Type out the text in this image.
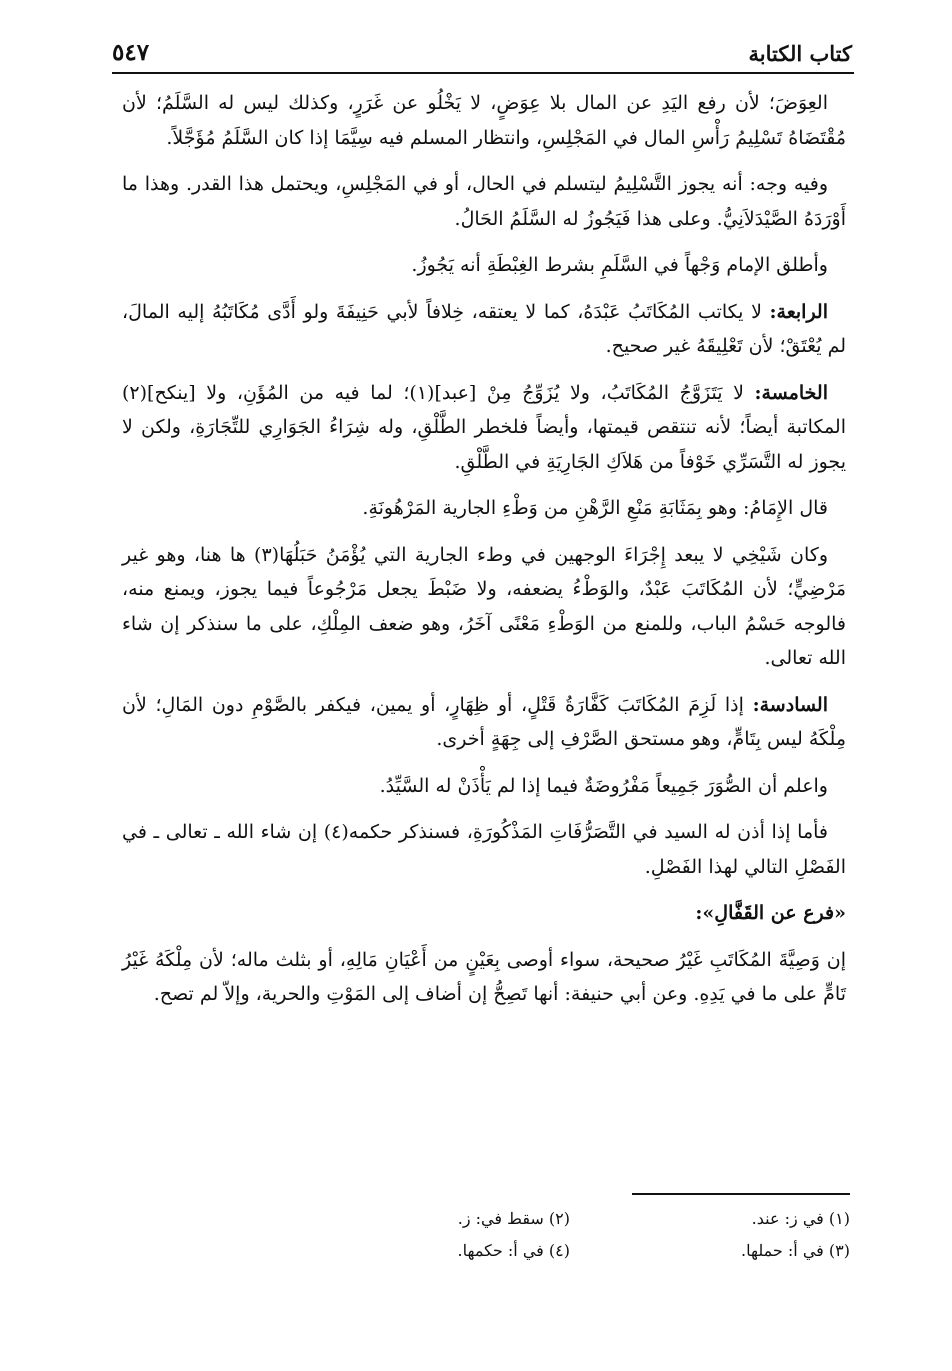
كتاب الكتابة
٥٤٧

العِوَضَ؛ لأن رفع اليَدِ عن المال بلا عِوَضٍ، لا يَخْلُو عن غَرَرٍ، وكذلك ليس له السَّلَمُ؛ لأن مُقْتَضَاهُ تَسْلِيمُ رَأْسِ المال في المَجْلِسِ، وانتظار المسلم فيه سِيَّمَا إذا كان السَّلَمُ مُؤَجَّلاً.

وفيه وجه: أنه يجوز التَّسْلِيمُ ليتسلم في الحال، أو في المَجْلِسِ، ويحتمل هذا القدر. وهذا ما أَوْرَدَهُ الصَّيْدَلاَنِيُّ. وعلى هذا فَيَجُوزُ له السَّلَمُ الحَالُ.

وأطلق الإمام وَجْهاً في السَّلَمِ بشرط الغِبْطَةِ أنه يَجُوزُ.

الرابعة: لا يكاتب المُكَاتَبُ عَبْدَهُ، كما لا يعتقه، خِلافاً لأبي حَنِيفَةَ ولو أَدَّى مُكَاتَبُهُ إليه المالَ، لم يُعْتَقْ؛ لأن تَعْلِيقَهُ غير صحيح.

الخامسة: لا يَتَزَوَّجُ المُكَاتَبُ، ولا يُزَوِّجُ مِنْ [عبد](١)؛ لما فيه من المُؤَنِ، ولا [ينكح](٢) المكاتبة أيضاً؛ لأنه تنتقص قيمتها، وأيضاً فلخطر الطَّلْقِ، وله شِرَاءُ الجَوَارِي للتِّجَارَةِ، ولكن لا يجوز له التَّسَرِّي خَوْفاً من هَلاَكِ الجَارِيَةِ في الطَّلْقِ.

قال الإِمَامُ: وهو بِمَثَابَةِ مَنْعِ الرَّهْنِ من وَطْءِ الجارية المَرْهُونَةِ.

وكان شَيْخِي لا يبعد إِجْرَاءَ الوجهين في وطء الجارية التي يُؤْمَنُ حَبَلُهَا(٣) ها هنا، وهو غير مَرْضِيٍّ؛ لأن المُكَاتَبَ عَبْدٌ، والوَطْءُ يضعفه، ولا ضَبْطَ يجعل مَرْجُوعاً فيما يجوز، ويمنع منه، فالوجه حَسْمُ الباب، وللمنع من الوَطْءِ مَعْنًى آخَرُ، وهو ضعف المِلْكِ، على ما سنذكر إن شاء الله تعالى.

السادسة: إذا لَزِمَ المُكَاتَبَ كَفَّارَةُ قَتْلٍ، أو ظِهَارٍ، أو يمين، فيكفر بالصَّوْمِ دون المَالِ؛ لأن مِلْكَهُ ليس بِتَامٍّ، وهو مستحق الصَّرْفِ إلى جِهَةٍ أخرى.

واعلم أن الصُّوَرَ جَمِيعاً مَفْرُوضَةٌ فيما إذا لم يَأْذَنْ له السَّيِّدُ.

فأما إذا أذن له السيد في التَّصَرُّفَاتِ المَذْكُورَةِ، فسنذكر حكمه(٤) إن شاء الله ـ تعالى ـ في الفَصْلِ التالي لهذا الفَصْلِ.

«فرع عن القَفَّالِ»:

إن وَصِيَّةَ المُكَاتَبِ غَيْرُ صحيحة، سواء أوصى بِعَيْنٍ من أَعْيَانِ مَالِهِ، أو بثلث ماله؛ لأن مِلْكَهُ غَيْرُ تَامٍّ على ما في يَدِهِ. وعن أبي حنيفة: أنها تَصِحُّ إن أضاف إلى المَوْتِ والحرية، وإلاّ لم تصح.

(١) في ز: عند.
(٢) سقط في: ز.
(٣) في أ: حملها.
(٤) في أ: حكمها.
